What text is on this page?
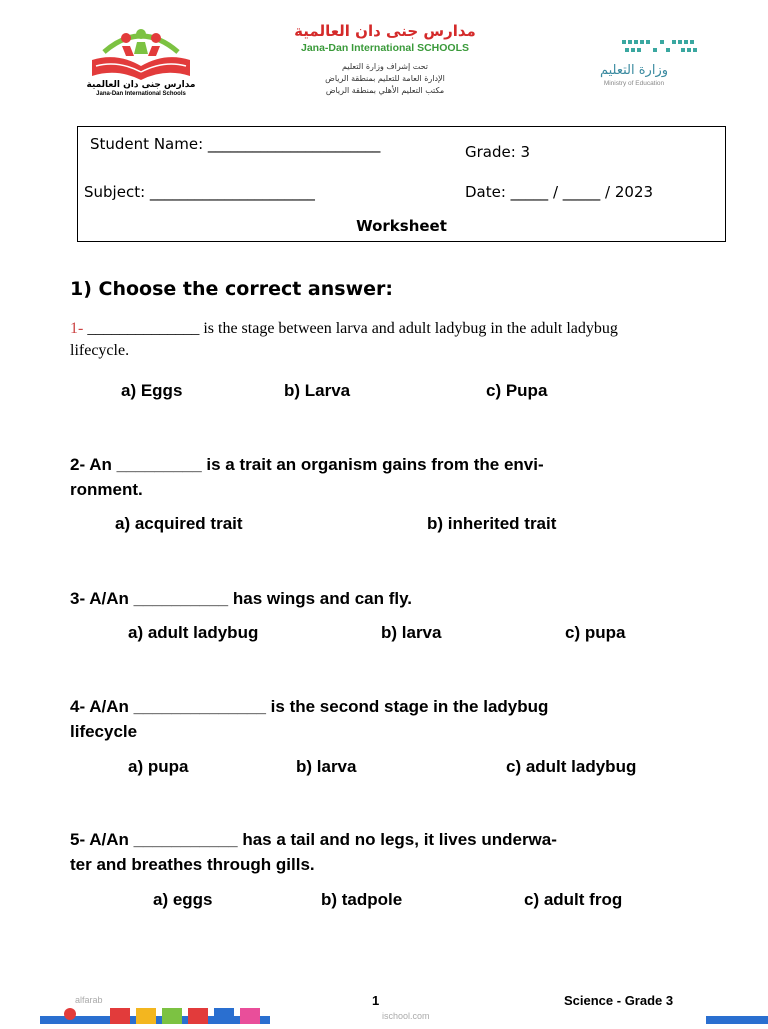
مدارس جنى دان العالمية
Jana-Dan International Schools
مدارس جنى دان العالمية
Jana-Dan International SCHOOLS
تحت إشراف وزارة التعليم
الإدارة العامة للتعليم بمنطقة الرياض
مكتب التعليم الأهلي بمنطقة الرياض
وزارة التعليم
Ministry of Education
Student Name: _______________________	Grade: 3
Subject: ______________________	Date: _____ / _____ / 2023
Worksheet
1) Choose the correct answer:
1- ______________ is the stage between larva and adult ladybug in the adult ladybug lifecycle.
a) Eggs	b) Larva	c) Pupa
2- An _________ is a trait an organism gains from the envi-
ronment.
a) acquired trait	b) inherited trait
3- A/An __________ has wings and can fly.
a) adult ladybug	b) larva	c) pupa
4- A/An ______________ is the second stage in the ladybug
lifecycle
a) pupa	b) larva	c) adult ladybug
5- A/An ___________ has a tail and no legs, it lives underwa-
ter and breathes through gills.
a) eggs	b) tadpole	c) adult frog
alfarab
ischool.com
1	Science - Grade 3
